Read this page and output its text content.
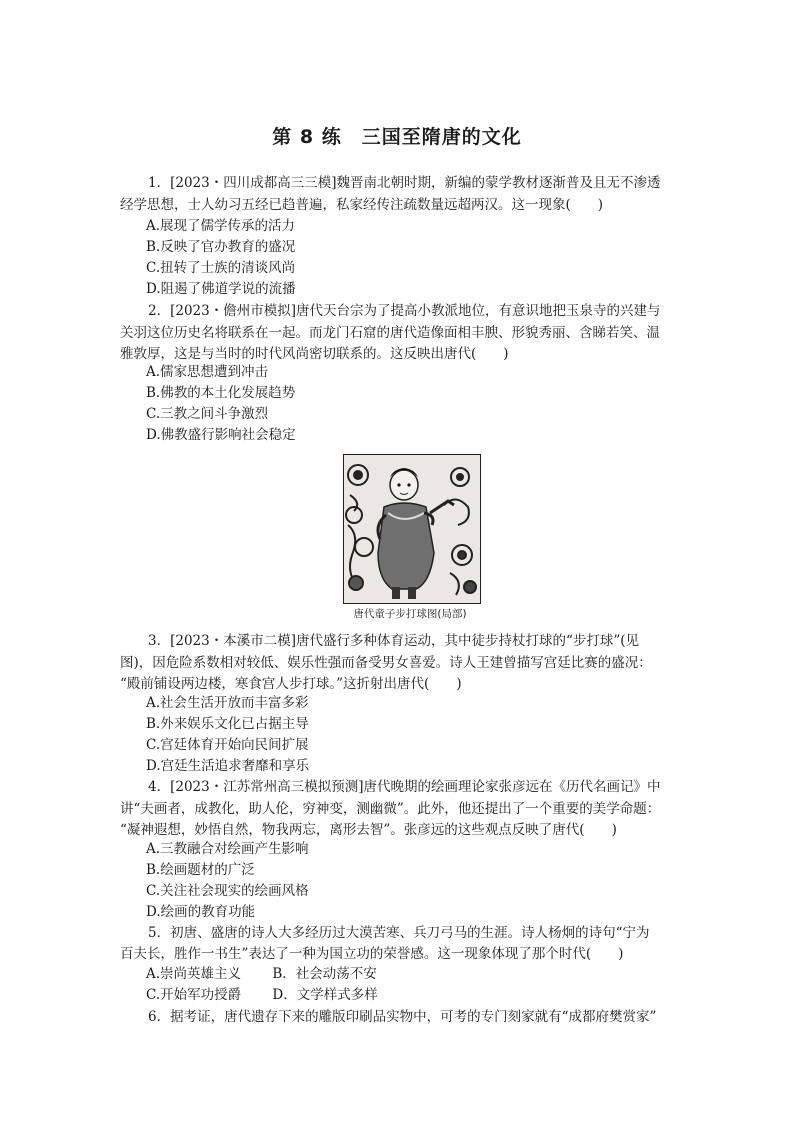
第 8 练　三国至隋唐的文化
1．[2023・四川成都高三三模]魏晋南北朝时期，新编的蒙学教材逐渐普及且无不渗透
经学思想，士人幼习五经已趋普遍，私家经传注疏数量远超两汉。这一现象(　　)
A.展现了儒学传承的活力
B.反映了官办教育的盛况
C.扭转了士族的清谈风尚
D.阻遏了佛道学说的流播
2．[2023・儋州市模拟]唐代天台宗为了提高小教派地位，有意识地把玉泉寺的兴建与
关羽这位历史名将联系在一起。而龙门石窟的唐代造像面相丰腴、形貌秀丽、含睇若笑、温
雅敦厚，这是与当时的时代风尚密切联系的。这反映出唐代(　　)
A.儒家思想遭到冲击
B.佛教的本土化发展趋势
C.三教之间斗争激烈
D.佛教盛行影响社会稳定
唐代童子步打球图(局部)
3．[2023・本溪市二模]唐代盛行多种体育运动，其中徒步持杖打球的“步打球”(见
图)，因危险系数相对较低、娱乐性强而备受男女喜爱。诗人王建曾描写宫廷比赛的盛况：
“殿前铺设两边楼，寒食宫人步打球。”这折射出唐代(　　)
A.社会生活开放而丰富多彩
B.外来娱乐文化已占据主导
C.宫廷体育开始向民间扩展
D.宫廷生活追求奢靡和享乐
4．[2023・江苏常州高三模拟预测]唐代晚期的绘画理论家张彦远在《历代名画记》中
讲“夫画者，成教化，助人伦，穷神变，测幽微”。此外，他还提出了一个重要的美学命题：
“凝神遐想，妙悟自然，物我两忘，离形去智”。张彦远的这些观点反映了唐代(　　)
A.三教融合对绘画产生影响
B.绘画题材的广泛
C.关注社会现实的绘画风格
D.绘画的教育功能
5．初唐、盛唐的诗人大多经历过大漠苦寒、兵刀弓马的生涯。诗人杨炯的诗句“宁为
百夫长，胜作一书生”表达了一种为国立功的荣誉感。这一现象体现了那个时代(　　)
A.崇尚英雄主义　　 B．社会动荡不安
C.开始军功授爵　　 D．文学样式多样
6．据考证，唐代遗存下来的雕版印刷品实物中，可考的专门刻家就有“成都府樊赏家”
